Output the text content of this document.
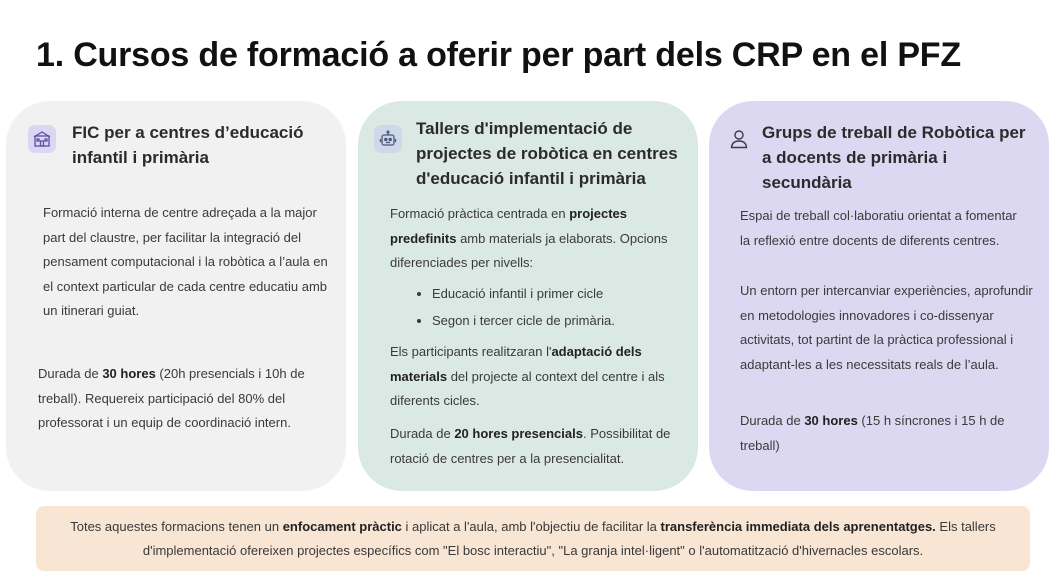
1. Cursos de formació a oferir per part dels CRP en el PFZ
FIC per a centres d’educació infantil i primària
Formació interna de centre adreçada a la major part del claustre, per facilitar la integració del pensament computacional i la robòtica a l’aula en el context particular de cada centre educatiu amb un itinerari guiat.
Durada de 30 hores (20h presencials i 10h de treball). Requereix participació del 80% del professorat i un equip de coordinació intern.
Tallers d'implementació de projectes de robòtica en centres d'educació infantil i primària

Formació pràctica centrada en projectes predefinits amb materials ja elaborats. Opcions diferenciades per nivells:

• Educació infantil i primer cicle
• Segon i tercer cicle de primària.
Els participants realitzaran l'adaptació dels materials del projecte al context del centre i als diferents cicles.
Durada de 20 hores presencials. Possibilitat de rotació de centres per a la presencialitat.
Grups de treball de Robòtica per a docents de primària i secundària
Espai de treball col·laboratiu orientat a fomentar la reflexió entre docents de diferents centres.
Un entorn per intercanviar experiències, aprofundir en metodologies innovadores i co-dissenyar activitats, tot partint de la pràctica professional i adaptant-les a les necessitats reals de l’aula.
Durada de 30 hores (15 h síncrones i 15 h de treball)
Totes aquestes formacions tenen un enfocament pràctic i aplicat a l'aula, amb l'objectiu de facilitar la transferència immediata dels aprenentatges. Els tallers d'implementació ofereixen projectes específics com "El bosc interactiu", "La granja intel·ligent" o l'automatització d'hivernacles escolars.
